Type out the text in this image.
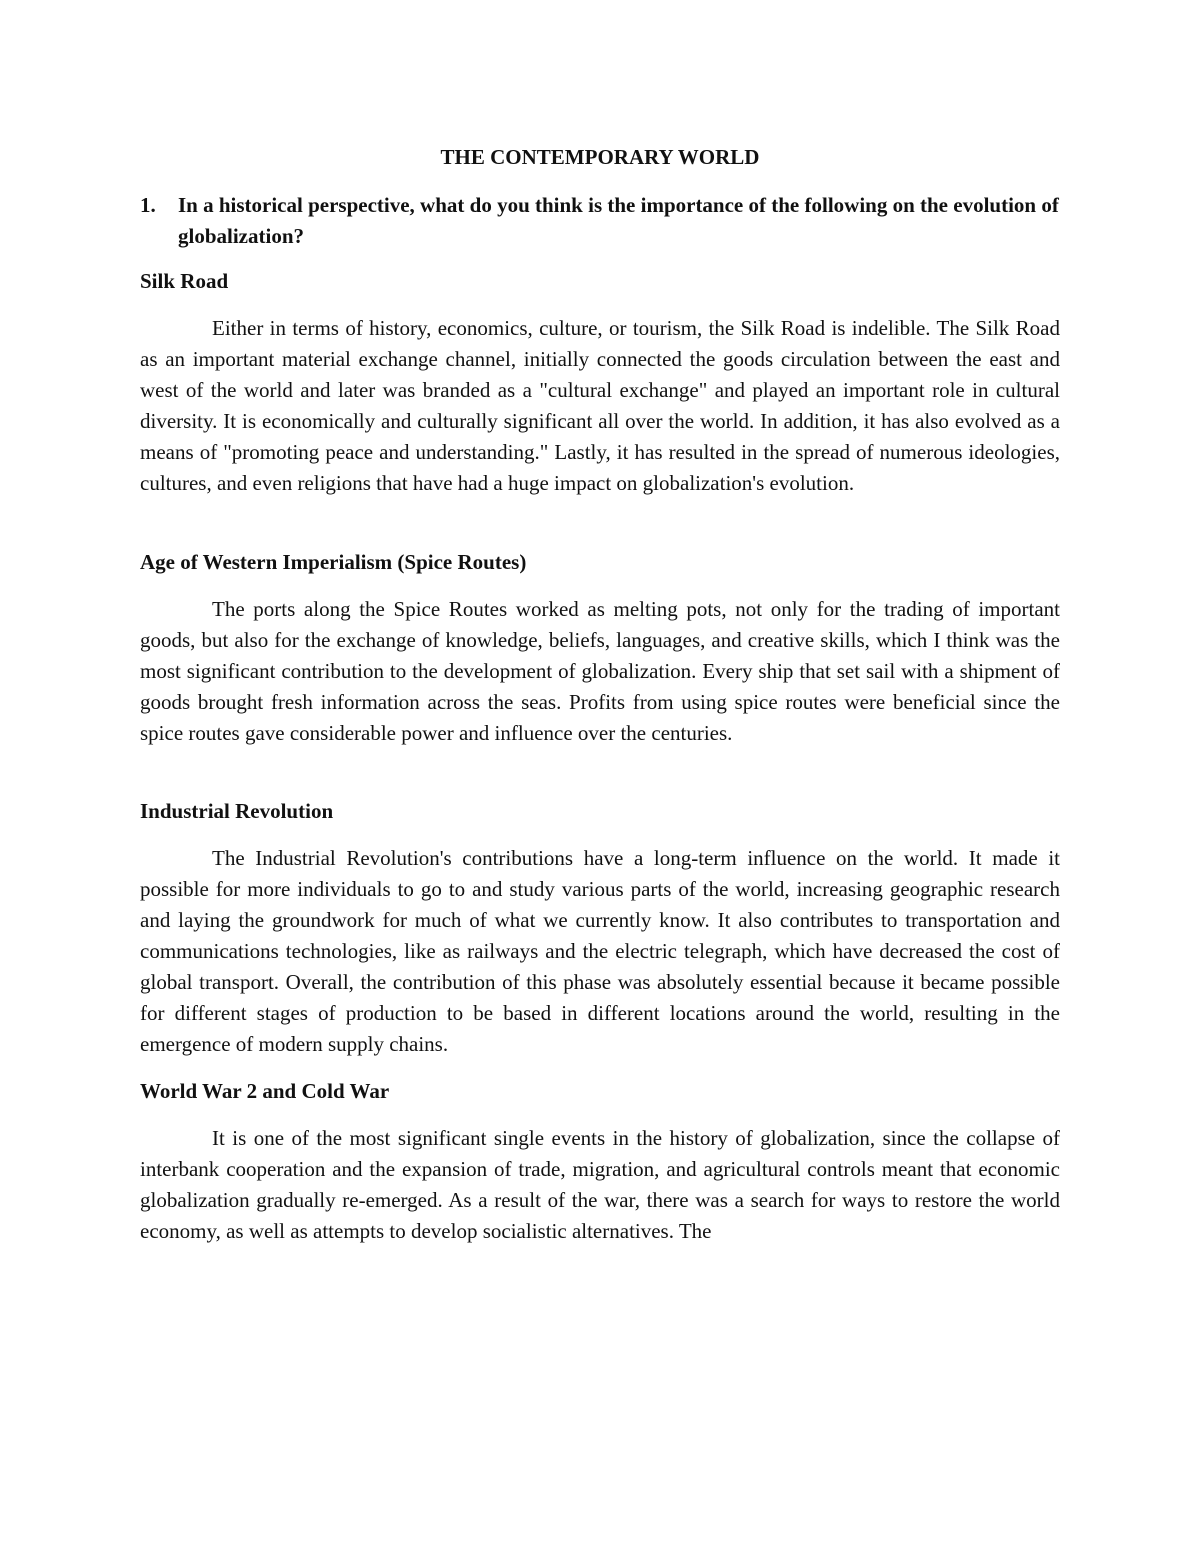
THE CONTEMPORARY WORLD
1.	In a historical perspective, what do you think is the importance of the following on the evolution of globalization?
Silk Road

Either in terms of history, economics, culture, or tourism, the Silk Road is indelible. The Silk Road as an important material exchange channel, initially connected the goods circulation between the east and west of the world and later was branded as a "cultural exchange" and played an important role in cultural diversity. It is economically and culturally significant all over the world. In addition, it has also evolved as a means of "promoting peace and understanding." Lastly, it has resulted in the spread of numerous ideologies, cultures, and even religions that have had a huge impact on globalization's evolution.

Age of Western Imperialism (Spice Routes)

The ports along the Spice Routes worked as melting pots, not only for the trading of important goods, but also for the exchange of knowledge, beliefs, languages, and creative skills, which I think was the most significant contribution to the development of globalization. Every ship that set sail with a shipment of goods brought fresh information across the seas. Profits from using spice routes were beneficial since the spice routes gave considerable power and influence over the centuries.

Industrial Revolution

The Industrial Revolution's contributions have a long-term influence on the world. It made it possible for more individuals to go to and study various parts of the world, increasing geographic research and laying the groundwork for much of what we currently know. It also contributes to transportation and communications technologies, like as railways and the electric telegraph, which have decreased the cost of global transport. Overall, the contribution of this phase was absolutely essential because it became possible for different stages of production to be based in different locations around the world, resulting in the emergence of modern supply chains.

World War 2 and Cold War

It is one of the most significant single events in the history of globalization, since the collapse of interbank cooperation and the expansion of trade, migration, and agricultural controls meant that economic globalization gradually re-emerged. As a result of the war, there was a search for ways to restore the world economy, as well as attempts to develop socialistic alternatives. The
